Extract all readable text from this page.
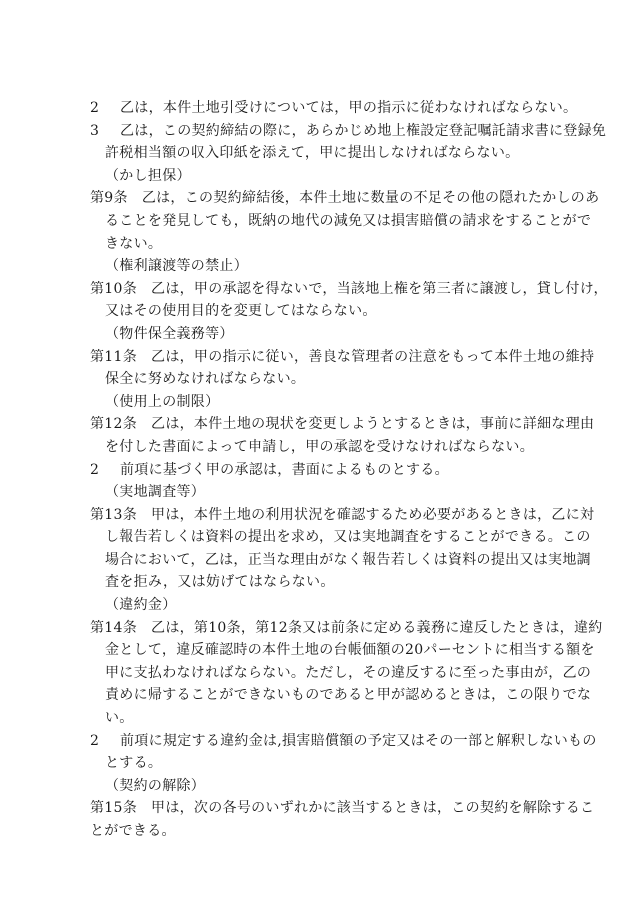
2 乙は，本件土地引受けについては，甲の指示に従わなければならない。
3 乙は，この契約締結の際に，あらかじめ地上権設定登記嘱託請求書に登録免
許税相当額の収入印紙を添えて，甲に提出しなければならない。
（かし担保）
第9条 乙は，この契約締結後，本件土地に数量の不足その他の隠れたかしのあ
ることを発見しても，既納の地代の減免又は損害賠償の請求をすることがで
きない。
（権利譲渡等の禁止）
第10条 乙は，甲の承認を得ないで，当該地上権を第三者に譲渡し，貸し付け，
又はその使用目的を変更してはならない。
（物件保全義務等）
第11条 乙は，甲の指示に従い，善良な管理者の注意をもって本件土地の維持
保全に努めなければならない。
（使用上の制限）
第12条 乙は，本件土地の現状を変更しようとするときは，事前に詳細な理由
を付した書面によって申請し，甲の承認を受けなければならない。
2 前項に基づく甲の承認は，書面によるものとする。
（実地調査等）
第13条 甲は，本件土地の利用状況を確認するため必要があるときは，乙に対
し報告若しくは資料の提出を求め，又は実地調査をすることができる。この
場合において，乙は，正当な理由がなく報告若しくは資料の提出又は実地調
査を拒み，又は妨げてはならない。
（違約金）
第14条 乙は，第10条，第12条又は前条に定める義務に違反したときは，違約
金として，違反確認時の本件土地の台帳価額の20パーセントに相当する額を
甲に支払わなければならない。ただし，その違反するに至った事由が，乙の
責めに帰することができないものであると甲が認めるときは，この限りでな
い。
2 前項に規定する違約金は,損害賠償額の予定又はその一部と解釈しないもの
とする。
（契約の解除）
第15条 甲は，次の各号のいずれかに該当するときは，この契約を解除するこ
とができる。
